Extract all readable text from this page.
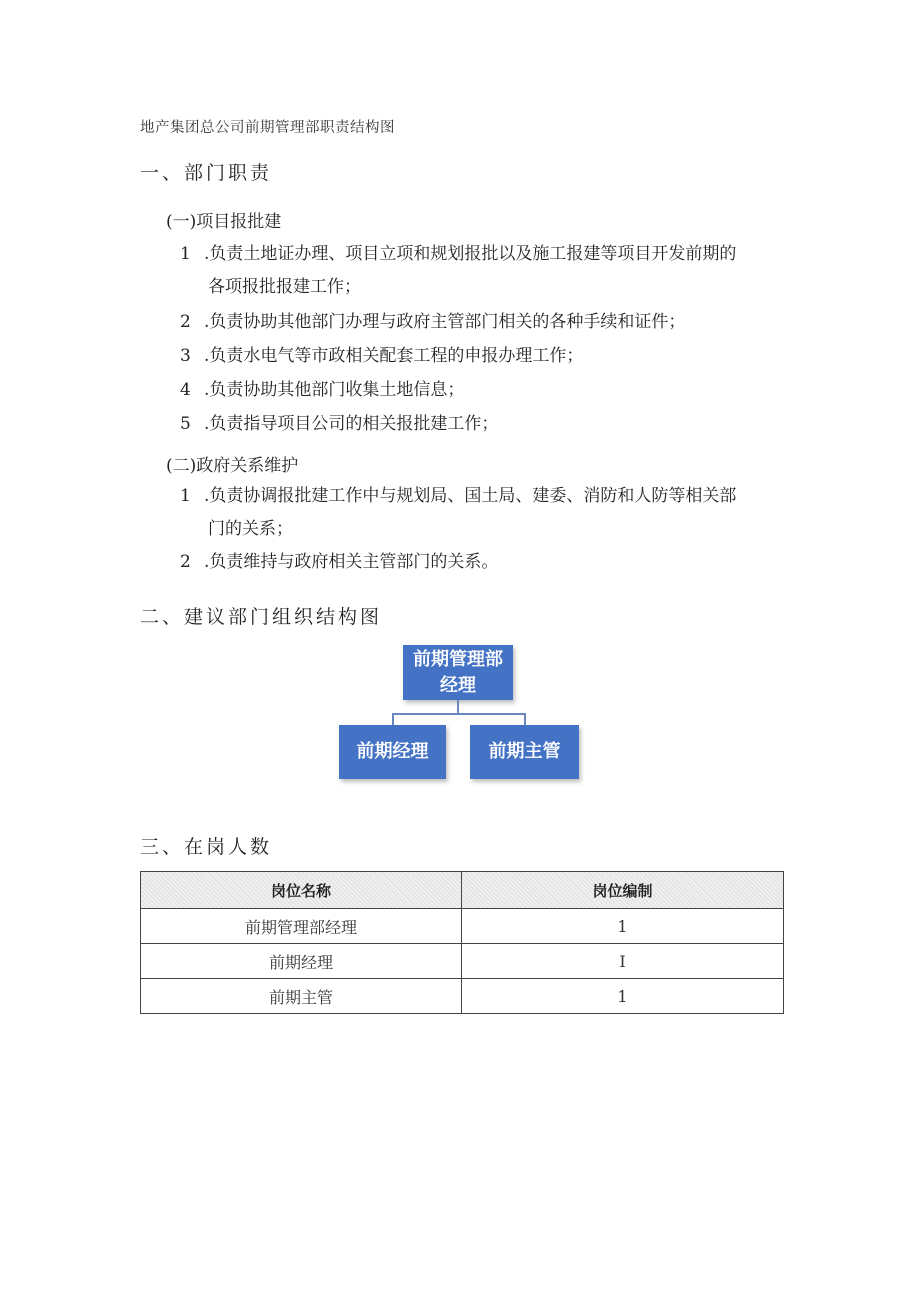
地产集团总公司前期管理部职责结构图
一、部门职责
(一)项目报批建
1 .负责土地证办理、项目立项和规划报批以及施工报建等项目开发前期的
各项报批报建工作；
2 .负责协助其他部门办理与政府主管部门相关的各种手续和证件；
3 .负责水电气等市政相关配套工程的申报办理工作；
4 .负责协助其他部门收集土地信息；
5 .负责指导项目公司的相关报批建工作；
(二)政府关系维护
1 .负责协调报批建工作中与规划局、国土局、建委、消防和人防等相关部
门的关系；
2 .负责维持与政府相关主管部门的关系。
二、建议部门组织结构图
前期管理部
经理
前期经理	前期主管
三、在岗人数
岗位名称	岗位编制
前期管理部经理	1
前期经理	I
前期主管	1
